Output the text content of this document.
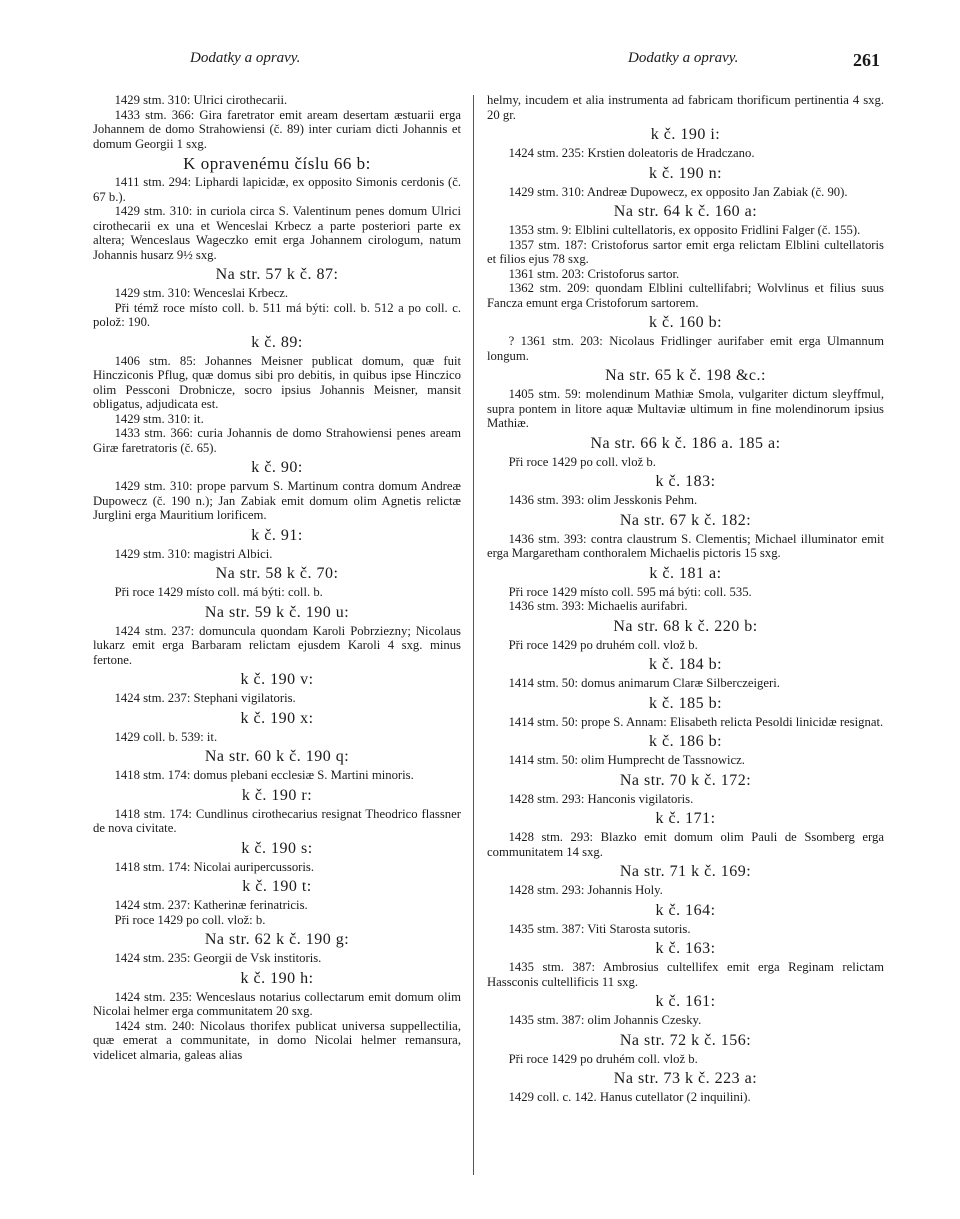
Dodatky a opravy.	Dodatky a opravy.	261

1429 stm. 310: Ulrici cirothecarii.

1433 stm. 366: Gira faretrator emit aream desertam æstuarii erga Johannem de domo Strahowiensi (č. 89) inter curiam dicti Johannis et domum Georgii 1 sxg.

K opravenému číslu 66 b:

1411 stm. 294: Liphardi lapicidæ, ex opposito Simonis cerdonis (č. 67 b.).

1429 stm. 310: in curiola circa S. Valentinum penes domum Ulrici cirothecarii ex una et Wenceslai Krbecz a parte posteriori parte ex altera; Wenceslaus Wageczko emit erga Johannem cirologum, natum Johannis husarz 9½ sxg.

Na str. 57 k č. 87:

1429 stm. 310: Wenceslai Krbecz.

Při témž roce místo coll. b. 511 má býti: coll. b. 512 a po coll. c. polož: 190.

k č. 89:

1406 stm. 85: Johannes Meisner publicat domum, quæ fuit Hincziconis Pflug, quæ domus sibi pro debitis, in quibus ipse Hinczico olim Pessconi Drobnicze, socro ipsius Johannis Meisner, mansit obligatus, adjudicata est.

1429 stm. 310: it.

1433 stm. 366: curia Johannis de domo Strahowiensi penes aream Giræ faretratoris (č. 65).

k č. 90:

1429 stm. 310: prope parvum S. Martinum contra domum Andreæ Dupowecz (č. 190 n.); Jan Zabiak emit domum olim Agnetis relictæ Jurglini erga Mauritium lorificem.

k č. 91:

1429 stm. 310: magistri Albici.

Na str. 58 k č. 70:

Při roce 1429 místo coll. má býti: coll. b.

Na str. 59 k č. 190 u:

1424 stm. 237: domuncula quondam Karoli Pobrziezny; Nicolaus lukarz emit erga Barbaram relictam ejusdem Karoli 4 sxg. minus fertone.

k č. 190 v:

1424 stm. 237: Stephani vigilatoris.

k č. 190 x:

1429 coll. b. 539: it.

Na str. 60 k č. 190 q:

1418 stm. 174: domus plebani ecclesiæ S. Martini minoris.

k č. 190 r:

1418 stm. 174: Cundlinus cirothecarius resignat Theodrico flassner de nova civitate.

k č. 190 s:

1418 stm. 174: Nicolai auripercussoris.

k č. 190 t:

1424 stm. 237: Katherinæ ferinatricis.

Při roce 1429 po coll. vlož: b.

Na str. 62 k č. 190 g:

1424 stm. 235: Georgii de Vsk institoris.

k č. 190 h:

1424 stm. 235: Wenceslaus notarius collectarum emit domum olim Nicolai helmer erga communitatem 20 sxg.

1424 stm. 240: Nicolaus thorifex publicat universa suppellectilia, quæ emerat a communitate, in domo Nicolai helmer remansura, videlicet almaria, galeas alias

helmy, incudem et alia instrumenta ad fabricam thorificum pertinentia 4 sxg. 20 gr.

k č. 190 i:

1424 stm. 235: Krstien doleatoris de Hradczano.

k č. 190 n:

1429 stm. 310: Andreæ Dupowecz, ex opposito Jan Zabiak (č. 90).

Na str. 64 k č. 160 a:

1353 stm. 9: Elblini cultellatoris, ex opposito Fridlini Falger (č. 155).

1357 stm. 187: Cristoforus sartor emit erga relictam Elblini cultellatoris et filios ejus 78 sxg.

1361 stm. 203: Cristoforus sartor.

1362 stm. 209: quondam Elblini cultellifabri; Wolvlinus et filius suus Fancza emunt erga Cristoforum sartorem.

k č. 160 b:

? 1361 stm. 203: Nicolaus Fridlinger aurifaber emit erga Ulmannum longum.

Na str. 65 k č. 198 &c.:

1405 stm. 59: molendinum Mathiæ Smola, vulgariter dictum sleyffmul, supra pontem in litore aquæ Multaviæ ultimum in fine molendinorum ipsius Mathiæ.

Na str. 66 k č. 186 a. 185 a:

Při roce 1429 po coll. vlož b.

k č. 183:

1436 stm. 393: olim Jesskonis Pehm.

Na str. 67 k č. 182:

1436 stm. 393: contra claustrum S. Clementis; Michael illuminator emit erga Margaretham conthoralem Michaelis pictoris 15 sxg.

k č. 181 a:

Při roce 1429 místo coll. 595 má býti: coll. 535.

1436 stm. 393: Michaelis aurifabri.

Na str. 68 k č. 220 b:

Při roce 1429 po druhém coll. vlož b.

k č. 184 b:

1414 stm. 50: domus animarum Claræ Silberczeigeri.

k č. 185 b:

1414 stm. 50: prope S. Annam: Elisabeth relicta Pesoldi linicidæ resignat.

k č. 186 b:

1414 stm. 50: olim Humprecht de Tassnowicz.

Na str. 70 k č. 172:

1428 stm. 293: Hanconis vigilatoris.

k č. 171:

1428 stm. 293: Blazko emit domum olim Pauli de Ssomberg erga communitatem 14 sxg.

Na str. 71 k č. 169:

1428 stm. 293: Johannis Holy.

k č. 164:

1435 stm. 387: Viti Starosta sutoris.

k č. 163:

1435 stm. 387: Ambrosius cultellifex emit erga Reginam relictam Hassconis cultellificis 11 sxg.

k č. 161:

1435 stm. 387: olim Johannis Czesky.

Na str. 72 k č. 156:

Při roce 1429 po druhém coll. vlož b.

Na str. 73 k č. 223 a:

1429 coll. c. 142. Hanus cutellator (2 inquilini).
